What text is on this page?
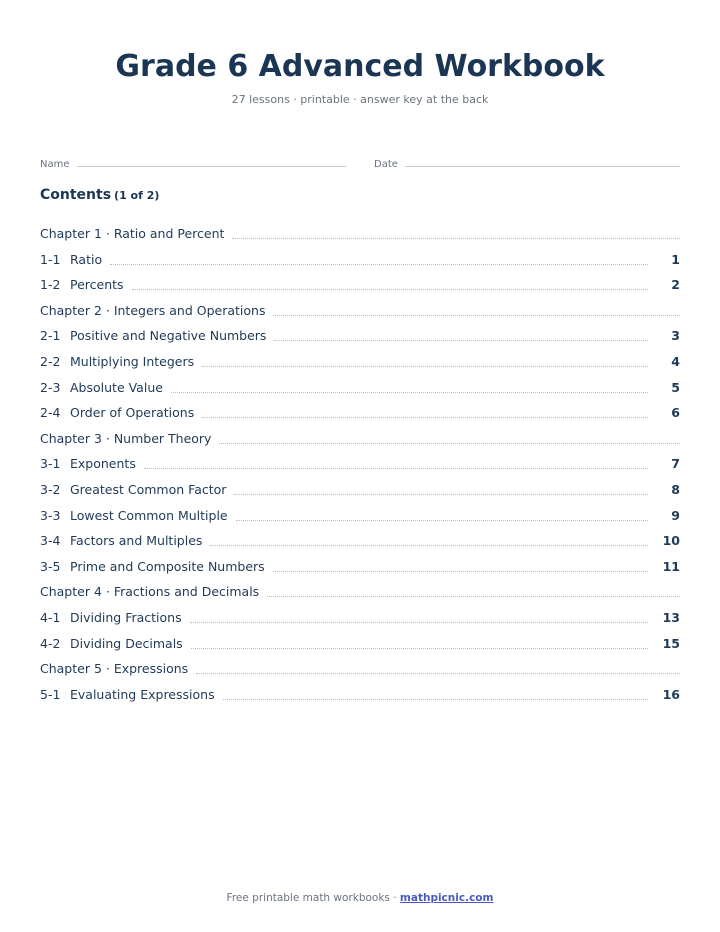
Grade 6 Advanced Workbook
27 lessons · printable · answer key at the back
Name	Date
Contents (1 of 2)
Chapter 1 · Ratio and Percent
1-1 Ratio	1
1-2 Percents	2
Chapter 2 · Integers and Operations
2-1 Positive and Negative Numbers	3
2-2 Multiplying Integers	4
2-3 Absolute Value	5
2-4 Order of Operations	6
Chapter 3 · Number Theory
3-1 Exponents	7
3-2 Greatest Common Factor	8
3-3 Lowest Common Multiple	9
3-4 Factors and Multiples	10
3-5 Prime and Composite Numbers	11
Chapter 4 · Fractions and Decimals
4-1 Dividing Fractions	13
4-2 Dividing Decimals	15
Chapter 5 · Expressions
5-1 Evaluating Expressions	16
Free printable math workbooks · mathpicnic.com
